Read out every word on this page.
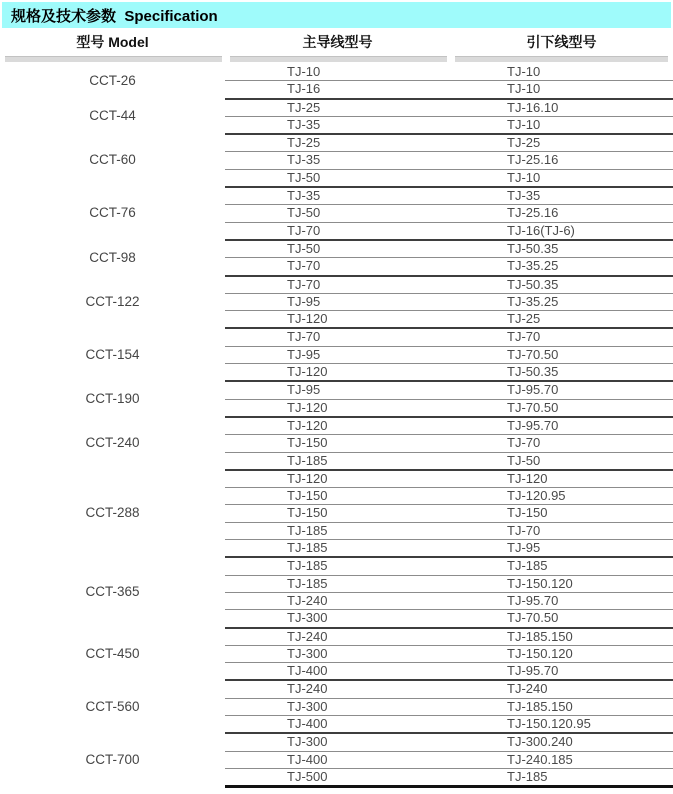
规格及技术参数  Specification
型号 Model	主导线型号	引下线型号
CCT-26	TJ-10	TJ-10
	TJ-16	TJ-10
CCT-44	TJ-25	TJ-16.10
	TJ-35	TJ-10
CCT-60	TJ-25	TJ-25
	TJ-35	TJ-25.16
	TJ-50	TJ-10
CCT-76	TJ-35	TJ-35
	TJ-50	TJ-25.16
	TJ-70	TJ-16(TJ-6)
CCT-98	TJ-50	TJ-50.35
	TJ-70	TJ-35.25
CCT-122	TJ-70	TJ-50.35
	TJ-95	TJ-35.25
	TJ-120	TJ-25
CCT-154	TJ-70	TJ-70
	TJ-95	TJ-70.50
	TJ-120	TJ-50.35
CCT-190	TJ-95	TJ-95.70
	TJ-120	TJ-70.50
CCT-240	TJ-120	TJ-95.70
	TJ-150	TJ-70
	TJ-185	TJ-50
CCT-288	TJ-120	TJ-120
	TJ-150	TJ-120.95
	TJ-150	TJ-150
	TJ-185	TJ-70
	TJ-185	TJ-95
CCT-365	TJ-185	TJ-185
	TJ-185	TJ-150.120
	TJ-240	TJ-95.70
	TJ-300	TJ-70.50
CCT-450	TJ-240	TJ-185.150
	TJ-300	TJ-150.120
	TJ-400	TJ-95.70
CCT-560	TJ-240	TJ-240
	TJ-300	TJ-185.150
	TJ-400	TJ-150.120.95
CCT-700	TJ-300	TJ-300.240
	TJ-400	TJ-240.185
	TJ-500	TJ-185
